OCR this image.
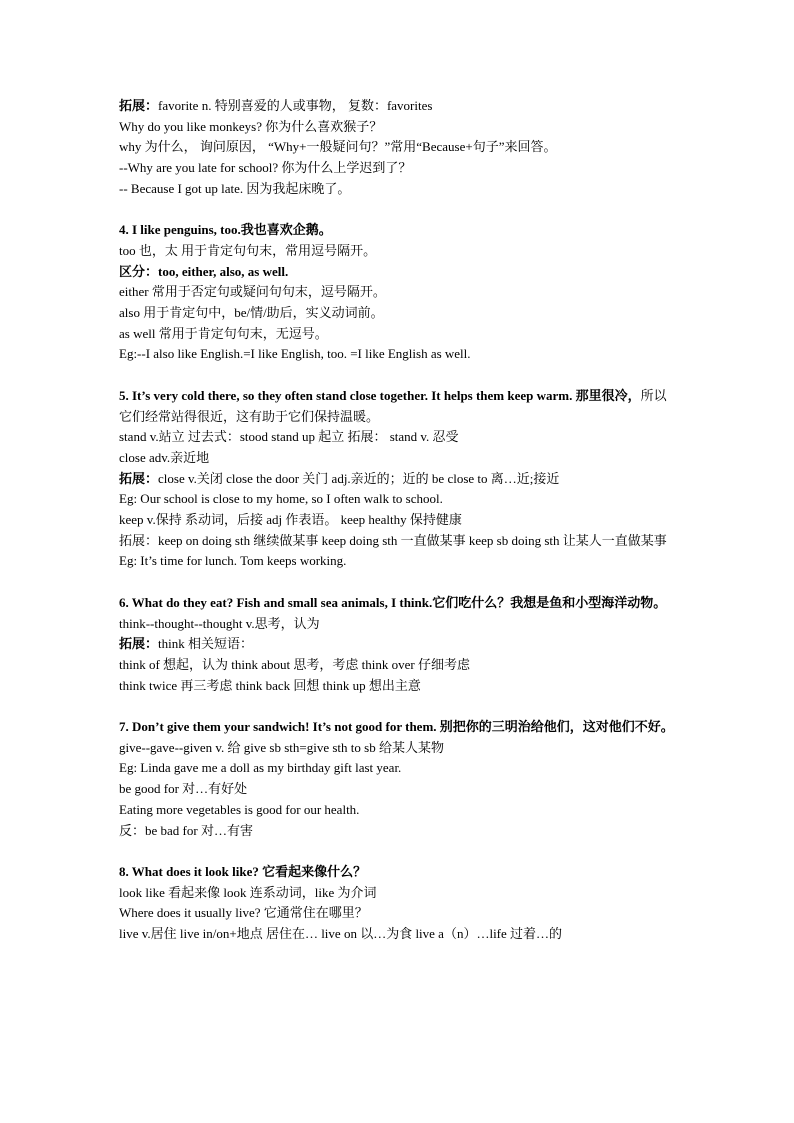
拓展：favorite n. 特别喜爱的人或事物， 复数：favorites
Why do you like monkeys? 你为什么喜欢猴子？
why 为什么， 询问原因， “Why+一般疑问句？”常用“Because+句子”来回答。
--Why are you late for school? 你为什么上学迟到了？
-- Because I got up late. 因为我起床晚了。
4. I like penguins, too.我也喜欢企鹅。
too 也，太 用于肯定句句末，常用逗号隔开。
区分：too, either, also, as well.
either 常用于否定句或疑问句句末，逗号隔开。
also 用于肯定句中，be/情/助后，实义动词前。
as well 常用于肯定句句末，无逗号。
Eg:--I also like English.=I like English, too. =I like English as well.
5. It’s very cold there, so they often stand close together. It helps them keep warm. 那里很冷，所以它们经常站得很近，这有助于它们保持温暖。
stand v.站立 过去式：stood stand up 起立 拓展： stand v. 忍受
close adv.亲近地
拓展：close v.关闭 close the door 关门 adj.亲近的；近的 be close to 离…近;接近
Eg: Our school is close to my home, so I often walk to school.
keep v.保持 系动词，后接 adj 作表语。 keep healthy 保持健康
拓展：keep on doing sth 继续做某事 keep doing sth 一直做某事 keep sb doing sth 让某人一直做某事
Eg: It’s time for lunch. Tom keeps working.
6. What do they eat? Fish and small sea animals, I think.它们吃什么？我想是鱼和小型海洋动物。
think--thought--thought v.思考，认为
拓展：think 相关短语：
think of 想起，认为 think about 思考，考虑 think over 仔细考虑
think twice 再三考虑 think back 回想 think up 想出主意
7. Don’t give them your sandwich! It’s not good for them. 别把你的三明治给他们，这对他们不好。
give--gave--given v. 给 give sb sth=give sth to sb 给某人某物
Eg: Linda gave me a doll as my birthday gift last year.
be good for 对…有好处
Eating more vegetables is good for our health.
反：be bad for 对…有害
8. What does it look like? 它看起来像什么？
look like 看起来像 look 连系动词，like 为介词
Where does it usually live? 它通常住在哪里？
live v.居住 live in/on+地点 居住在… live on 以…为食 live a（n）…life 过着…的
